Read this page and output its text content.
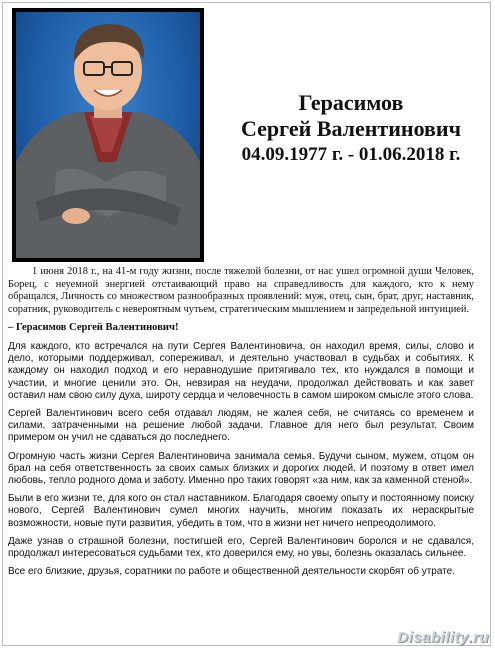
Герасимов
Сергей Валентинович
04.09.1977 г. - 01.06.2018 г.

1 июня 2018 г., на 41-м году жизни, после тяжелой болезни, от нас ушел огромной души Человек, Борец, с неуемной энергией отстаивающий право на справедливость для каждого, кто к нему обращался, Личность со множеством разнообразных проявлений: муж, отец, сын, брат, друг, наставник, соратник, руководитель с невероятным чутьем, стратегическим мышлением и запредельной интуицией.

– Герасимов Сергей Валентинович!

Для каждого, кто встречался на пути Сергея Валентиновича, он находил время, силы, слово и дело, которыми поддерживал, сопереживал, и деятельно участвовал в судьбах и событиях. К каждому он находил подход и его неравнодушие притягивало тех, кто нуждался в помощи и участии, и многие ценили это. Он, невзирая на неудачи, продолжал действовать и как завет оставил нам свою силу духа, широту сердца и человечность в самом широком смысле этого слова.

Сергей Валентинович всего себя отдавал людям, не жалея себя, не считаясь со временем и силами, затраченными на решение любой задачи. Главное для него был результат. Своим примером он учил не сдаваться до последнего.

Огромную часть жизни Сергея Валентиновича занимала семья. Будучи сыном, мужем, отцом он брал на себя ответственность за своих самых близких и дорогих людей. И поэтому в ответ имел любовь, тепло родного дома и заботу. Именно про таких говорят «за ним, как за каменной стеной».

Были в его жизни те, для кого он стал наставником. Благодаря своему опыту и постоянному поиску нового, Сергей Валентинович сумел многих научить, многим показать их нераскрытые возможности, новые пути развития, убедить в том, что в жизни нет ничего непреодолимого.

Даже узнав о страшной болезни, постигшей его, Сергей Валентинович боролся и не сдавался, продолжал интересоваться судьбами тех, кто доверился ему, но увы, болезнь оказалась сильнее.

Все его близкие, друзья, соратники по работе и общественной деятельности скорбят об утрате.

Disability.ru
